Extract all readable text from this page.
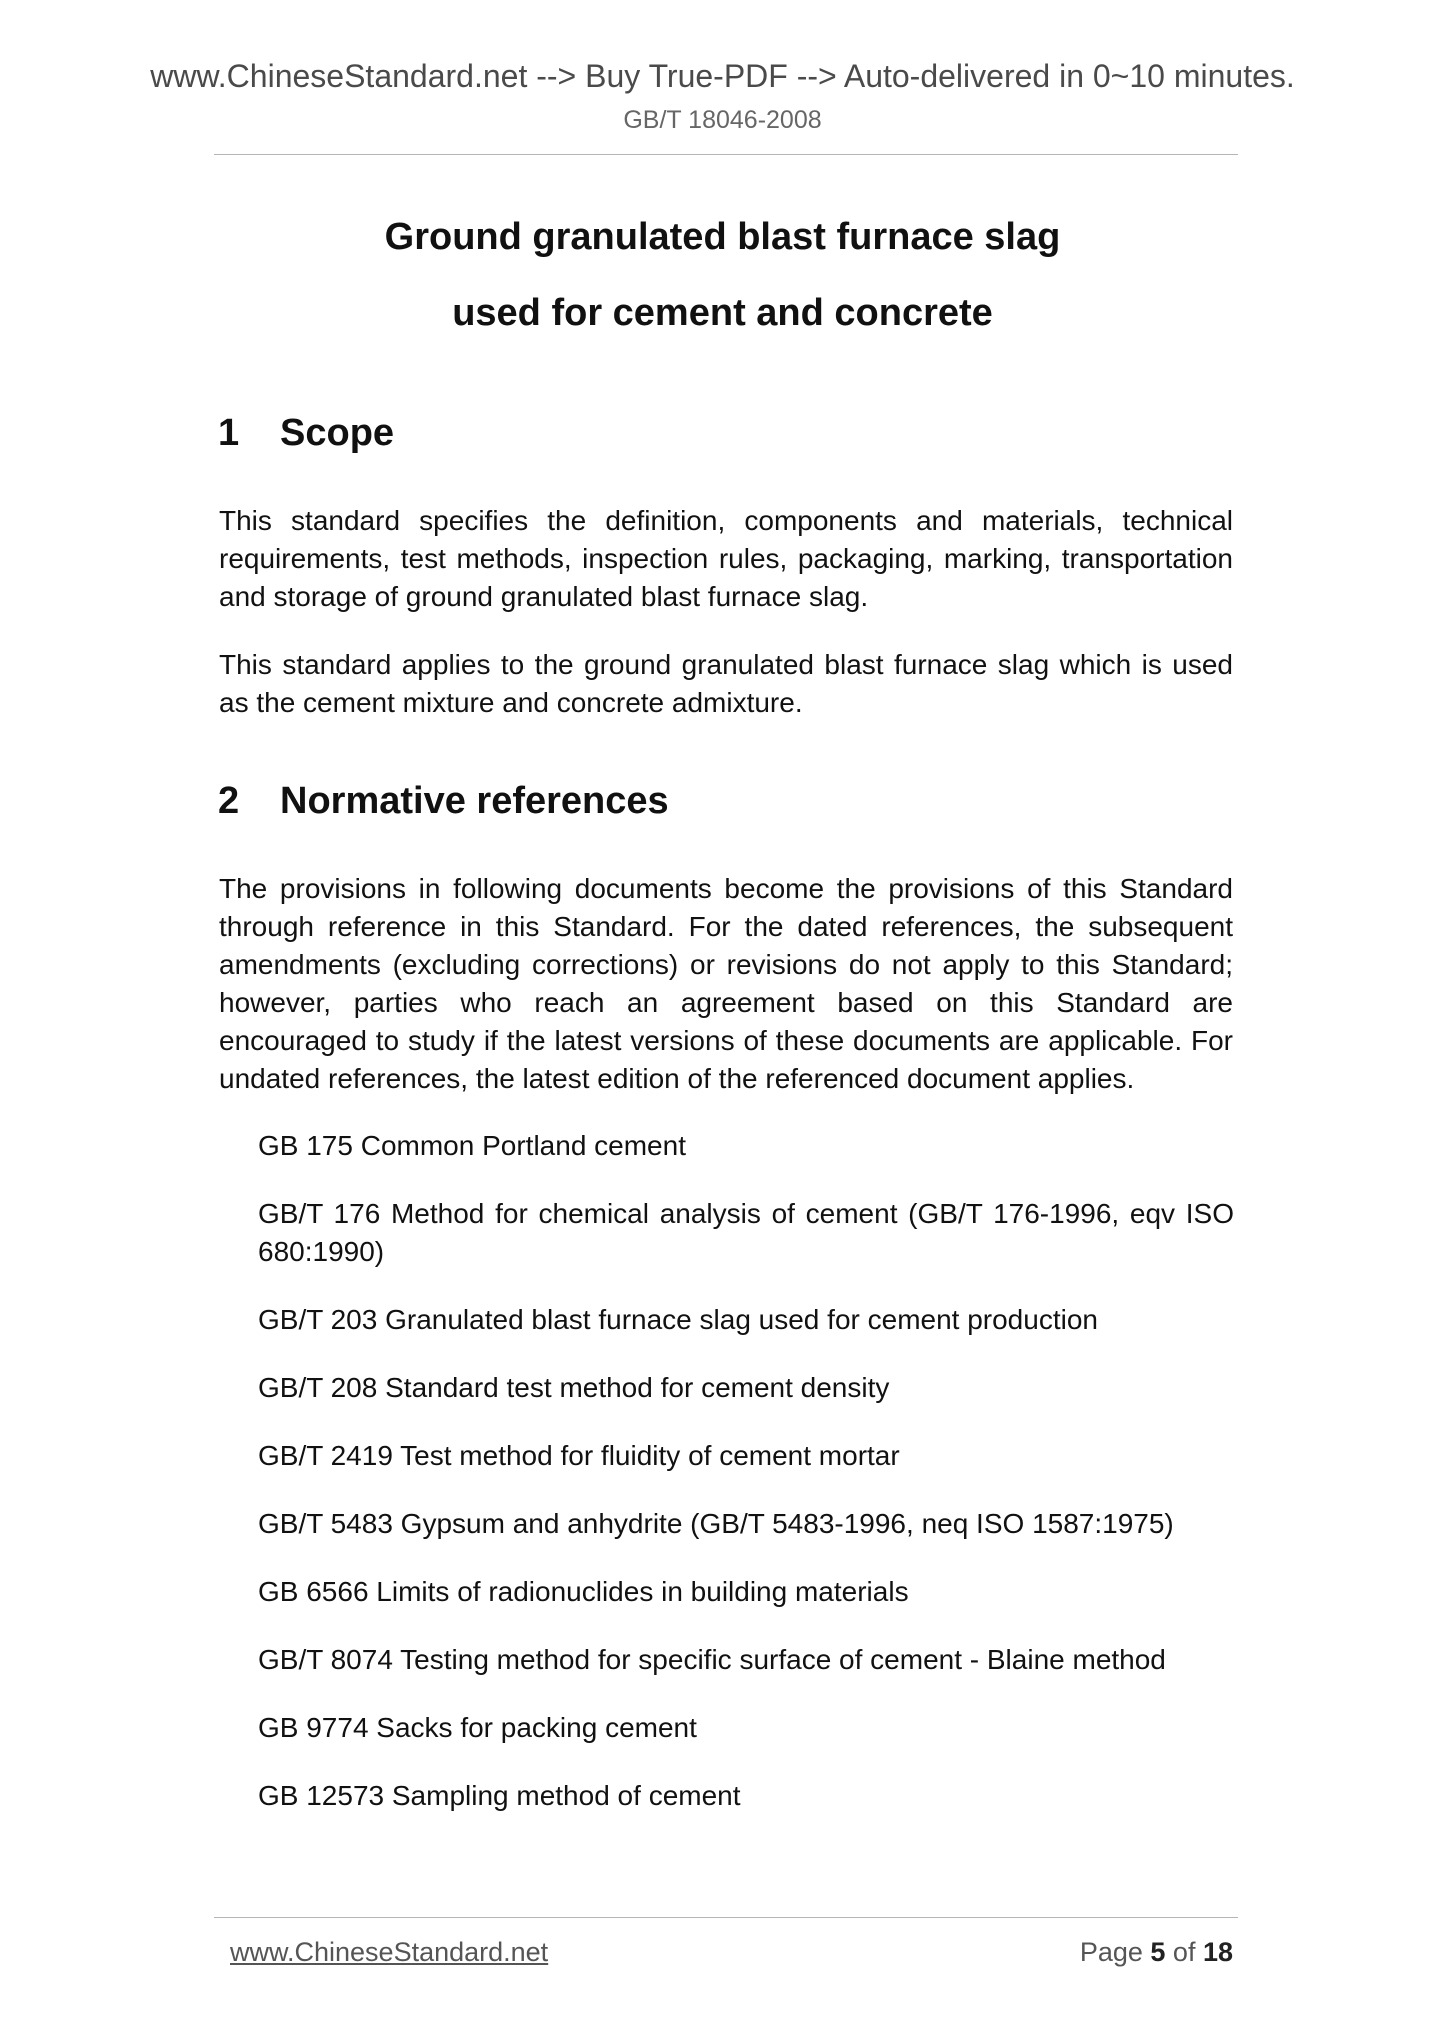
www.ChineseStandard.net --> Buy True-PDF --> Auto-delivered in 0~10 minutes.
GB/T 18046-2008
Ground granulated blast furnace slag
used for cement and concrete
1 Scope
This standard specifies the definition, components and materials, technical requirements, test methods, inspection rules, packaging, marking, transportation and storage of ground granulated blast furnace slag.
This standard applies to the ground granulated blast furnace slag which is used as the cement mixture and concrete admixture.
2 Normative references
The provisions in following documents become the provisions of this Standard through reference in this Standard. For the dated references, the subsequent amendments (excluding corrections) or revisions do not apply to this Standard; however, parties who reach an agreement based on this Standard are encouraged to study if the latest versions of these documents are applicable. For undated references, the latest edition of the referenced document applies.
GB 175 Common Portland cement
GB/T 176 Method for chemical analysis of cement (GB/T 176-1996, eqv ISO 680:1990)
GB/T 203 Granulated blast furnace slag used for cement production
GB/T 208 Standard test method for cement density
GB/T 2419 Test method for fluidity of cement mortar
GB/T 5483 Gypsum and anhydrite (GB/T 5483-1996, neq ISO 1587:1975)
GB 6566 Limits of radionuclides in building materials
GB/T 8074 Testing method for specific surface of cement - Blaine method
GB 9774 Sacks for packing cement
GB 12573 Sampling method of cement
www.ChineseStandard.net	Page 5 of 18
